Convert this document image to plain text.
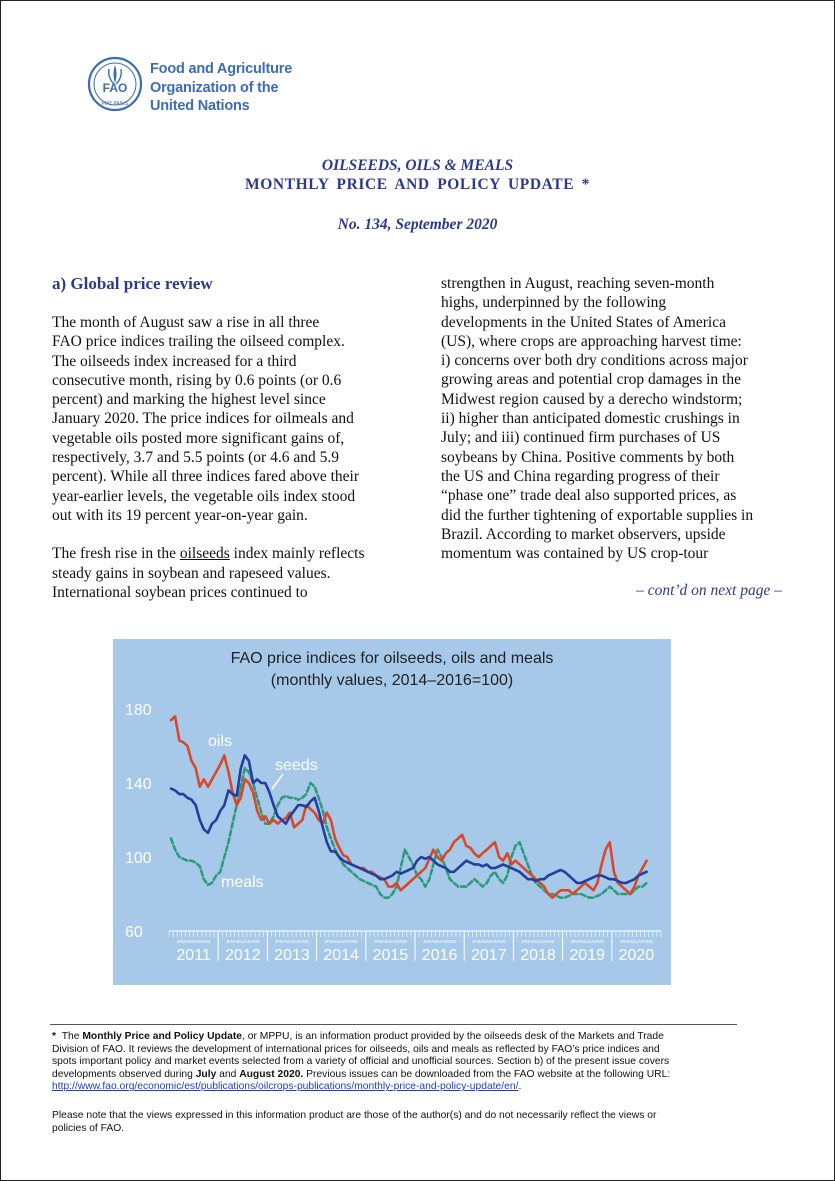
FAO
FIAT PANIS
Food and Agriculture
Organization of the
United Nations
OILSEEDS, OILS & MEALS
MONTHLY PRICE AND POLICY UPDATE *
No. 134, September 2020
a) Global price review

The month of August saw a rise in all three
FAO price indices trailing the oilseed complex.
The oilseeds index increased for a third
consecutive month, rising by 0.6 points (or 0.6
percent) and marking the highest level since
January 2020. The price indices for oilmeals and
vegetable oils posted more significant gains of,
respectively, 3.7 and 5.5 points (or 4.6 and 5.9
percent). While all three indices fared above their
year-earlier levels, the vegetable oils index stood
out with its 19 percent year-on-year gain.

The fresh rise in the oilseeds index mainly reflects
steady gains in soybean and rapeseed values.
International soybean prices continued to

strengthen in August, reaching seven-month
highs, underpinned by the following
developments in the United States of America
(US), where crops are approaching harvest time:
i) concerns over both dry conditions across major
growing areas and potential crop damages in the
Midwest region caused by a derecho windstorm;
ii) higher than anticipated domestic crushings in
July; and iii) continued firm purchases of US
soybeans by China. Positive comments by both
the US and China regarding progress of their
“phase one” trade deal also supported prices, as
did the further tightening of exportable supplies in
Brazil. According to market observers, upside
momentum was contained by US crop-tour
– cont’d on next page –
60
100
140
180
JFMAMJJASOND
2011
JFMAMJJASOND
2012
JFMAMJJASOND
2013
JFMAMJJASOND
2014
JFMAMJJASOND
2015
JFMAMJJASOND
2016
JFMAMJJASOND
2017
JFMAMJJASOND
2018
JFMAMJJASOND
2019
JFMAMJJASOND
2020
oils
seeds
meals
FAO price indices for oilseeds, oils and meals
(monthly values, 2014–2016=100)
* The Monthly Price and Policy Update, or MPPU, is an information product provided by the oilseeds desk of the Markets and Trade
Division of FAO. It reviews the development of international prices for oilseeds, oils and meals as reflected by FAO’s price indices and
spots important policy and market events selected from a variety of official and unofficial sources. Section b) of the present issue covers
developments observed during July and August 2020. Previous issues can be downloaded from the FAO website at the following URL:
http://www.fao.org/economic/est/publications/oilcrops-publications/monthly-price-and-policy-update/en/.
Please note that the views expressed in this information product are those of the author(s) and do not necessarily reflect the views or
policies of FAO.
